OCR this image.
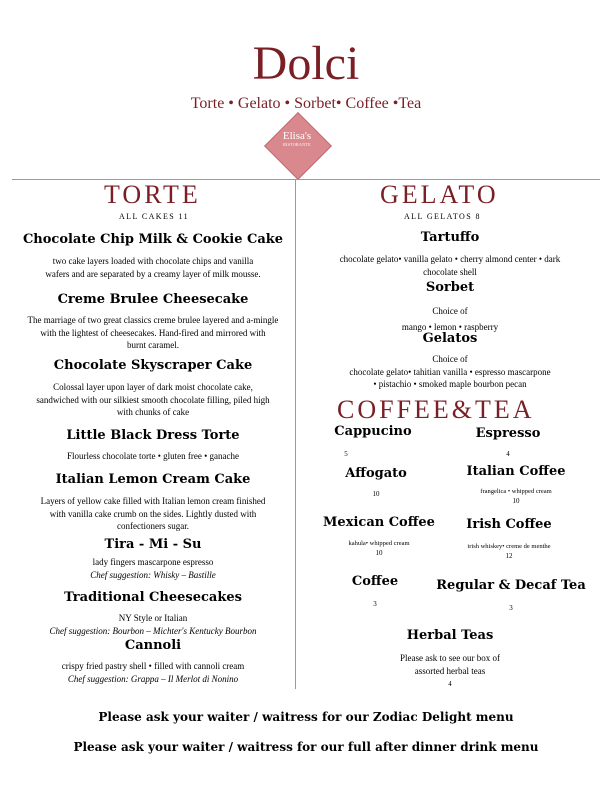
Dolci
Torte • Gelato • Sorbet• Coffee •Tea
Elisa's
RISTORANTE
TORTE
ALL CAKES 11
Chocolate Chip Milk & Cookie Cake
two cake layers loaded with chocolate chips and vanilla
wafers and are separated by a creamy layer of milk mousse.
Creme Brulee Cheesecake
The marriage of two great classics creme brulee layered and a-mingle
with the lightest of cheesecakes. Hand-fired and mirrored with
burnt caramel.
Chocolate Skyscraper Cake
Colossal layer upon layer of dark moist chocolate cake,
sandwiched with our silkiest smooth chocolate filling, piled high
with chunks of cake
Little Black Dress Torte
Flourless chocolate torte • gluten free • ganache
Italian Lemon Cream Cake
Layers of yellow cake filled with Italian lemon cream finished
with vanilla cake crumb on the sides. Lightly dusted with
confectioners sugar.
Tira - Mi - Su
lady fingers mascarpone espresso
Chef suggestion: Whisky – Bastille
Traditional Cheesecakes
NY Style or Italian
Chef suggestion: Bourbon – Michter's Kentucky Bourbon
Cannoli
crispy fried pastry shell • filled with cannoli cream
Chef suggestion: Grappa – Il Merlot di Nonino
GELATO
ALL GELATOS 8
Tartuffo
chocolate gelato• vanilla gelato • cherry almond center • dark
chocolate shell
Sorbet
Choice of
mango • lemon • raspberry
Gelatos
Choice of
chocolate gelato• tahitian vanilla • espresso mascarpone
• pistachio • smoked maple bourbon pecan
COFFEE&TEA
Cappucino
5
Espresso
4
Affogato
10
Italian Coffee
frangelica • whipped cream
10
Mexican Coffee
kahula• whipped cream
10
Irish Coffee
irish whiskey• creme de menthe
12
Coffee
3
Regular & Decaf Tea
3
Herbal Teas
Please ask to see our box of
assorted herbal teas
4
Please ask your waiter / waitress for our Zodiac Delight menu
Please ask your waiter / waitress for our full after dinner drink menu
